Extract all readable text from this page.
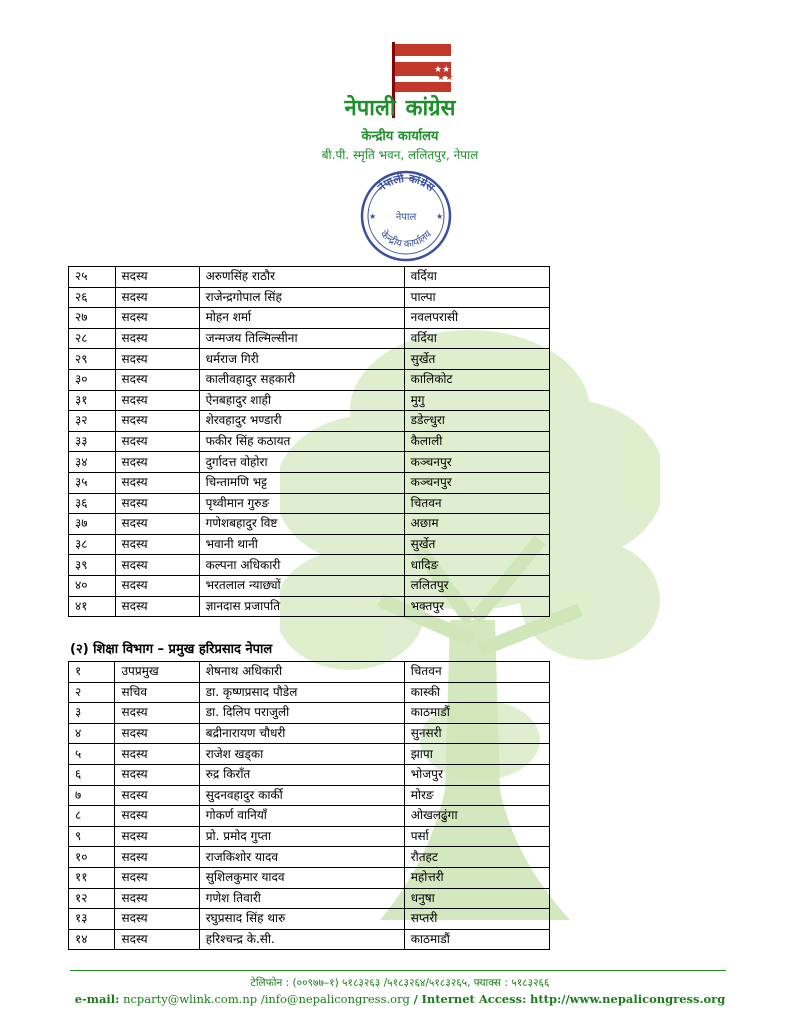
★★
★★
नेपाली कांग्रेस
केन्द्रीय कार्यालय
बी.पी. स्मृति भवन, ललितपुर, नेपाल
नेपाली कांग्रेस
नेपाल
केन्द्रीय कार्यालय
★	★
२५	सदस्य	अरुणसिंह राठौर	वर्दिया
२६	सदस्य	राजेन्द्रगोपाल सिंह	पाल्पा
२७	सदस्य	मोहन शर्मा	नवलपरासी
२८	सदस्य	जन्मजय तिल्मिल्सीना	वर्दिया
२९	सदस्य	धर्मराज गिरी	सुर्खेत
३०	सदस्य	कालीवहादुर सहकारी	कालिकोट
३१	सदस्य	ऐनबहादुर शाही	मुगु
३२	सदस्य	शेरवहादुर भण्डारी	डडेल्धुरा
३३	सदस्य	फकीर सिंह कठायत	कैलाली
३४	सदस्य	दुर्गादत्त वोहोरा	कञ्चनपुर
३५	सदस्य	चिन्तामणि भट्ट	कञ्चनपुर
३६	सदस्य	पृथ्वीमान गुरुङ	चितवन
३७	सदस्य	गणेशबहादुर विष्ट	अछाम
३८	सदस्य	भवानी थानी	सुर्खेत
३९	सदस्य	कल्पना अधिकारी	धादिङ
४०	सदस्य	भरतलाल न्याछ्यों	ललितपुर
४१	सदस्य	ज्ञानदास प्रजापति	भक्तपुर
(२) शिक्षा विभाग – प्रमुख हरिप्रसाद नेपाल
१	उपप्रमुख	शेषनाथ अधिकारी	चितवन
२	सचिव	डा. कृष्णप्रसाद पौडेल	कास्की
३	सदस्य	डा. दिलिप पराजुली	काठमाडौं
४	सदस्य	बद्रीनारायण चौधरी	सुनसरी
५	सदस्य	राजेश खड्का	झापा
६	सदस्य	रुद्र किराँत	भोजपुर
७	सदस्य	सुदनवहादुर कार्की	मोरङ
८	सदस्य	गोकर्ण वानियाँ	ओखलढुंगा
९	सदस्य	प्रो. प्रमोद गुप्ता	पर्सा
१०	सदस्य	राजकिशोर यादव	रौतहट
११	सदस्य	सुशिलकुमार यादव	महोत्तरी
१२	सदस्य	गणेश तिवारी	धनुषा
१३	सदस्य	रघुप्रसाद सिंह थारु	सप्तरी
१४	सदस्य	हरिश्चन्द्र के.सी.	काठमाडौं
टेलिफोन : (००९७७–१) ५१८३२६३ /५१८३२६४/५१८३२६५, फ्याक्स : ५१८३२६६
e-mail: ncparty@wlink.com.np /info@nepalicongress.org / Internet Access: http://www.nepalicongress.org
